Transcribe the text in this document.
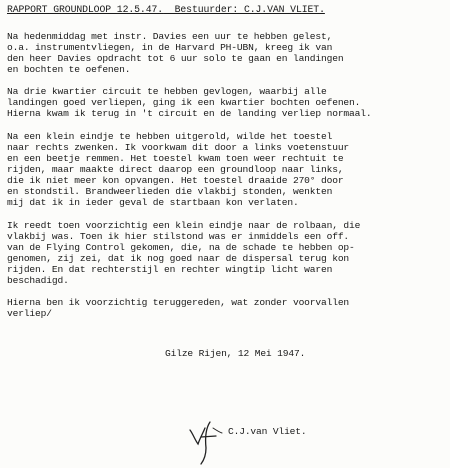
RAPPORT GROUNDLOOP 12.5.47.  Bestuurder: C.J.VAN VLIET.
Na hedenmiddag met instr. Davies een uur te hebben gelest,
o.a. instrumentvliegen, in de Harvard PH-UBN, kreeg ik van
den heer Davies opdracht tot 6 uur solo te gaan en landingen
en bochten te oefenen.
Na drie kwartier circuit te hebben gevlogen, waarbij alle
landingen goed verliepen, ging ik een kwartier bochten oefenen.
Hierna kwam ik terug in 't circuit en de landing verliep normaal.
Na een klein eindje te hebben uitgerold, wilde het toestel
naar rechts zwenken. Ik voorkwam dit door a links voetenstuur
en een beetje remmen. Het toestel kwam toen weer rechtuit te
rijden, maar maakte direct daarop een groundloop naar links,
die ik niet meer kon opvangen. Het toestel draaide 270° door
en stondstil. Brandweerlieden die vlakbij stonden, wenkten
mij dat ik in ieder geval de startbaan kon verlaten.
Ik reedt toen voorzichtig een klein eindje naar de rolbaan, die
vlakbij was. Toen ik hier stilstond was er inmiddels een off.
van de Flying Control gekomen, die, na de schade te hebben op-
genomen, zij zei, dat ik nog goed naar de dispersal terug kon
rijden. En dat rechterstijl en rechter wingtip licht waren
beschadigd.
Hierna ben ik voorzichtig teruggereden, wat zonder voorvallen
verliep/
Gilze Rijen, 12 Mei 1947.
C.J.van Vliet.
